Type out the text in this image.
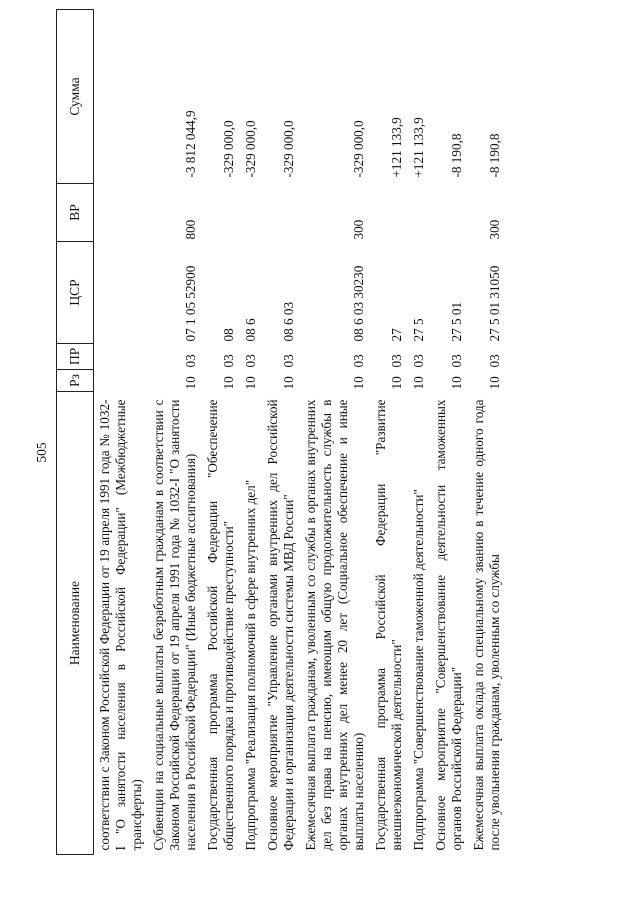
505
Наименование	Рз	ПР	ЦСР	ВР	Сумма
соответствии с Законом Российской Федерации от 19 апреля 1991 года № 1032-I "О занятости населения в Российской Федерации" (Межбюджетные трансферты)					
Субвенции на социальные выплаты безработным гражданам в соответствии с Законом Российской Федерации от 19 апреля 1991 года № 1032-I "О занятости населения в Российской Федерации" (Иные бюджетные ассигнования)	10	03	07 1 05 52900	800	-3 812 044,9
Государственная программа Российской Федерации "Обеспечение общественного порядка и противодействие преступности"	10	03	08		-329 000,0
Подпрограмма "Реализация полномочий в сфере внутренних дел"	10	03	08 6		-329 000,0
Основное мероприятие "Управление органами внутренних дел Российской Федерации и организация деятельности системы МВД России"	10	03	08 6 03		-329 000,0
Ежемесячная выплата гражданам, уволенным со службы в органах внутренних дел без права на пенсию, имеющим общую продолжительность службы в органах внутренних дел менее 20 лет (Социальное обеспечение и иные выплаты населению)	10	03	08 6 03 30230	300	-329 000,0
Государственная программа Российской Федерации "Развитие внешнеэкономической деятельности"	10	03	27		+121 133,9
Подпрограмма "Совершенствование таможенной деятельности"	10	03	27 5		+121 133,9
Основное мероприятие "Совершенствование деятельности таможенных органов Российской Федерации"	10	03	27 5 01		-8 190,8
Ежемесячная выплата оклада по специальному званию в течение одного года после увольнения гражданам, уволенным со службы	10	03	27 5 01 31050	300	-8 190,8
